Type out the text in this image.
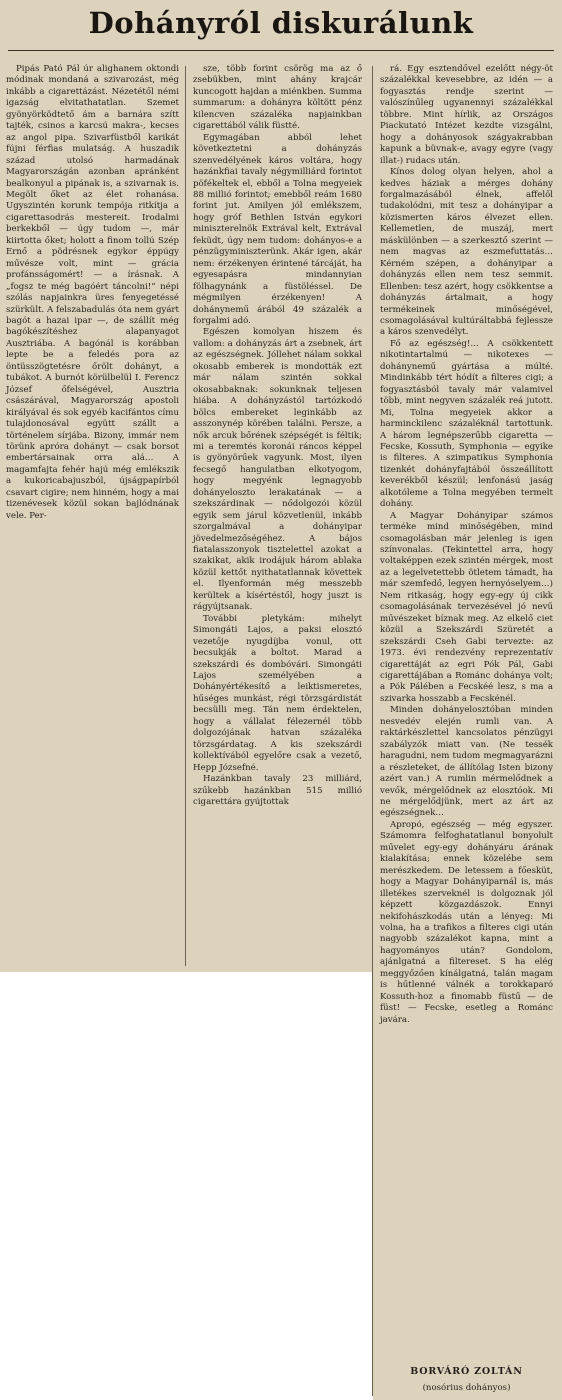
Dohányról diskurálunk

Pipás Pató Pál úr alighanem oktondi módinak mondaná a szivarozást, még inkább a cigarettázást. Nézetétől némi igazság elvitathatatlan. Szemet gyönyörködtető ám a barnára szítt tajték, csinos a karcsú makra-, kecses az angol pipa. Szivarfüstből karikát fújni férfias mulatság. A huszadik század utolsó harmadának Magyarországán azonban apránként bealkonyul a pipának is, a szivarnak is. Megölt őket az élet rohanása. Ugyszintén korunk tempója ritkítja a cigarettasodrás mestereit. Irodalmi berkekből — úgy tudom —, már kiirtotta őket; holott a finom tollú Szép Ernő a pödrésnek egykor éppúgy művésze volt, mint — grácia profánsságomért! — a írásnak. A „fogsz te még bagóért táncolni!” népi szólás napjainkra üres fenyegetéssé szürkült. A felszabadulás óta nem gyárt bagót a hazai ipar —, de szállít még bagókészítéshez alapanyagot Ausztriába. A bagónál is korábban lepte be a feledés pora az öntüsszögtetésre őrölt dohányt, a tubákot. A burnót körülbelül I. Ferencz József őfelségével, Ausztria császárával, Magyarország apostoli királyával és sok egyéb kacifántos címu tulajdonosával együtt szállt a történelem sírjába. Bizony, immár nem törünk apróra dohányt — csak borsot embertársainak orra alá… A magamfajta fehér hajú még emlékszik a kukoricabajuszból, újságpapírból csavart cigire; nem hinném, hogy a mai tizenévesek közül sokan bajlódnának vele. Per-

sze, több forint csörög ma az ő zsebükben, mint ahány krajcár kuncogott hajdan a miénkben. Summa summarum: a dohányra költött pénz kilencven százaléka napjainkban cigarettából válik füstté.

Egymagában abból lehet következtetni a dohányzás szenvedélyének káros voltára, hogy hazánkfiai tavaly négymilliárd forintot pöfékeltek el, ebből a Tolna megyeiek 88 millió forintot; emebből reám 1680 forint jut. Amilyen jól emlékszem, hogy gróf Bethlen István egykori miniszterelnök Extrával kelt, Extrával feküdt, úgy nem tudom: dohányos-e a pénzügyminiszterünk. Akár igen, akár nem: érzékenyen érintené tárcáját, ha egyesapásra mindannyian fölhagynánk a füstöléssel. De mégmilyen érzékenyen! A dohánynemű árából 49 százalék a forgalmi adó.

Egészen komolyan hiszem és vallom: a dohányzás árt a zsebnek, árt az egészségnek. Jóllehet nálam sokkal okosabb emberek is mondották ezt már nálam szintén sokkal okosabbaknak: sokunknak teljesen hiába. A dohányzástól tartózkodó bölcs embereket leginkább az asszonynép körében találni. Persze, a nők arcuk bőrének szépségét is féltik; mi a teremtés koronái ráncos képpel is gyönyörűek vagyunk. Most, ilyen fecsegő hangulatban elkotyogom, hogy megyénk legnagyobb dohányeloszto lerakatának — a szekszárdinak — nődolgozói közül egyik sem járul közvetlenül, inkább szorgalmával a dohányipar jövedelmezőségéhez. A bájos fiatalasszonyok tisztelettel azokat a szakikat, akik irodájuk három ablaka közül kettőt nyithatatlannak követtek el. Ilyenformán még messzebb kerültek a kísértéstől, hogy juszt is rágyújtsanak.

További pletykám: mihelyt Simongáti Lajos, a paksi elosztó vezetője nyugdíjba vonul, ott becsukják a boltot. Marad a szekszárdi és dombóvári. Simongáti Lajos személyében a Dohányértékesítő a leiktismeretes, hűséges munkást, régi törzsgárdistát becsülli meg. Tán nem érdektelen, hogy a vállalat félezernél több dolgozójának hatvan százaléka törzsgárdatag. A kis szekszárdi kollektívából egyelőre csak a vezető, Hepp Józsefné.

Hazánkban tavaly 23 milliárd, szűkebb hazánkban 515 millió cigarettára gyújtottak

rá. Egy esztendővel ezelőtt négy-öt százalékkal kevesebbre, az idén — a fogyasztás rendje szerint — valószínűleg ugyanennyi százalékkal többre. Mint hírlik, az Országos Piackutató Intézet kezdte vizsgálni, hogy a dohányosok szágyakrabban kapunk a büvnak-e, avagy egyre (vagy illat-) rudacs után.

Kínos dolog olyan helyen, ahol a kedves háziak a mérges dohány forgalmazásából élnek, affelől tudakolódni, mit tesz a dohányipar a közismerten káros élvezet ellen. Kellemetlen, de muszáj, mert máskülönben — a szerkesztő szerint — nem magvas az eszmefuttatás… Kérném szépen, a dohányipar a dohányzás ellen nem tesz semmit. Ellenben: tesz azért, hogy csökkentse a dohányzás ártalmait, a hogy termékeinek minőségével, csomagolásával kultúráltabbá fejlessze a káros szenvedélyt.

Fő az egészség!… A csökkentett nikotintartalmú — nikotexes — dohánynemű gyártása a múlté. Mindinkább tért hódít a filteres cigi; a fogyasztásból tavaly már valamivel több, mint negyven százalék reá jutott. Mi, Tolna megyeiek akkor a harminckilenc százaléknál tartottunk. A három legnépszerűbb cigaretta — Fecske, Kossuth, Symphonia — egyike is filteres. A szimpatikus Symphonia tizenkét dohányfajtából összeállított keverékből készül; lenfonású jaság alkotóleme a Tolna megyében termelt dohány.

A Magyar Dohányipar számos terméke mind minőségében, mind csomagolásban már jelenleg is igen színvonalas. (Tekintettel arra, hogy voltaképpen ezek szintén mérgek, most az a legelvetettebb ötletem támadt, ha már szemfedő, legyen hernyóselyem…) Nem ritkaság, hogy egy-egy új cikk csomagolásának tervezésével jó nevű művészeket bíznak meg. Az elkelő ciet közül a Szekszárdi Szüretét a szekszárdi Cseh Gabi tervezte: az 1973. évi rendezvény reprezentatív cigarettáját az egri Pók Pál, Gabi cigarettájában a Románc dohánya volt; a Pók Pálében a Fecskéé lesz, s ma a szivarka hosszabb a Fecskénél.

Minden dohányelosztóban minden nesvedév elején rumli van. A raktárkészlettel kancsolatos pénzügyi szabályzók miatt van. (Ne tessék haragudni, nem tudom megmagyarázni a részleteket, de állítólag Isten bizony azért van.) A rumlin mérmelődnek a vevők, mérgelődnek az elosztóok. Mi ne mérgelődjünk, mert az árt az egészségnek…

Apropó, egészség — még egyszer. Számomra felfoghatatlanul bonyolult művelet egy-egy dohányáru árának kialakítása; ennek közelébe sem merészkedem. De letessem a főesküt, hogy a Magyar Dohányiparnál is, más illetékes szerveknél is dolgoznak jól képzett közgazdászok. Ennyi nekifohászkodás után a lényeg: Mi volna, ha a trafikos a filteres cigi után nagyobb százalékot kapna, mint a hagyományos után? Gondolom, ajánlgatná a filtereset. S ha elég meggyőzően kínálgatná, talán magam is hűtlenné válnék a torokkaparó Kossuth-hoz a finomabb füstű — de füst! — Fecske, esetleg a Románc javára.

BORVÁRÓ ZOLTÁN
(nosórius dohányos)
